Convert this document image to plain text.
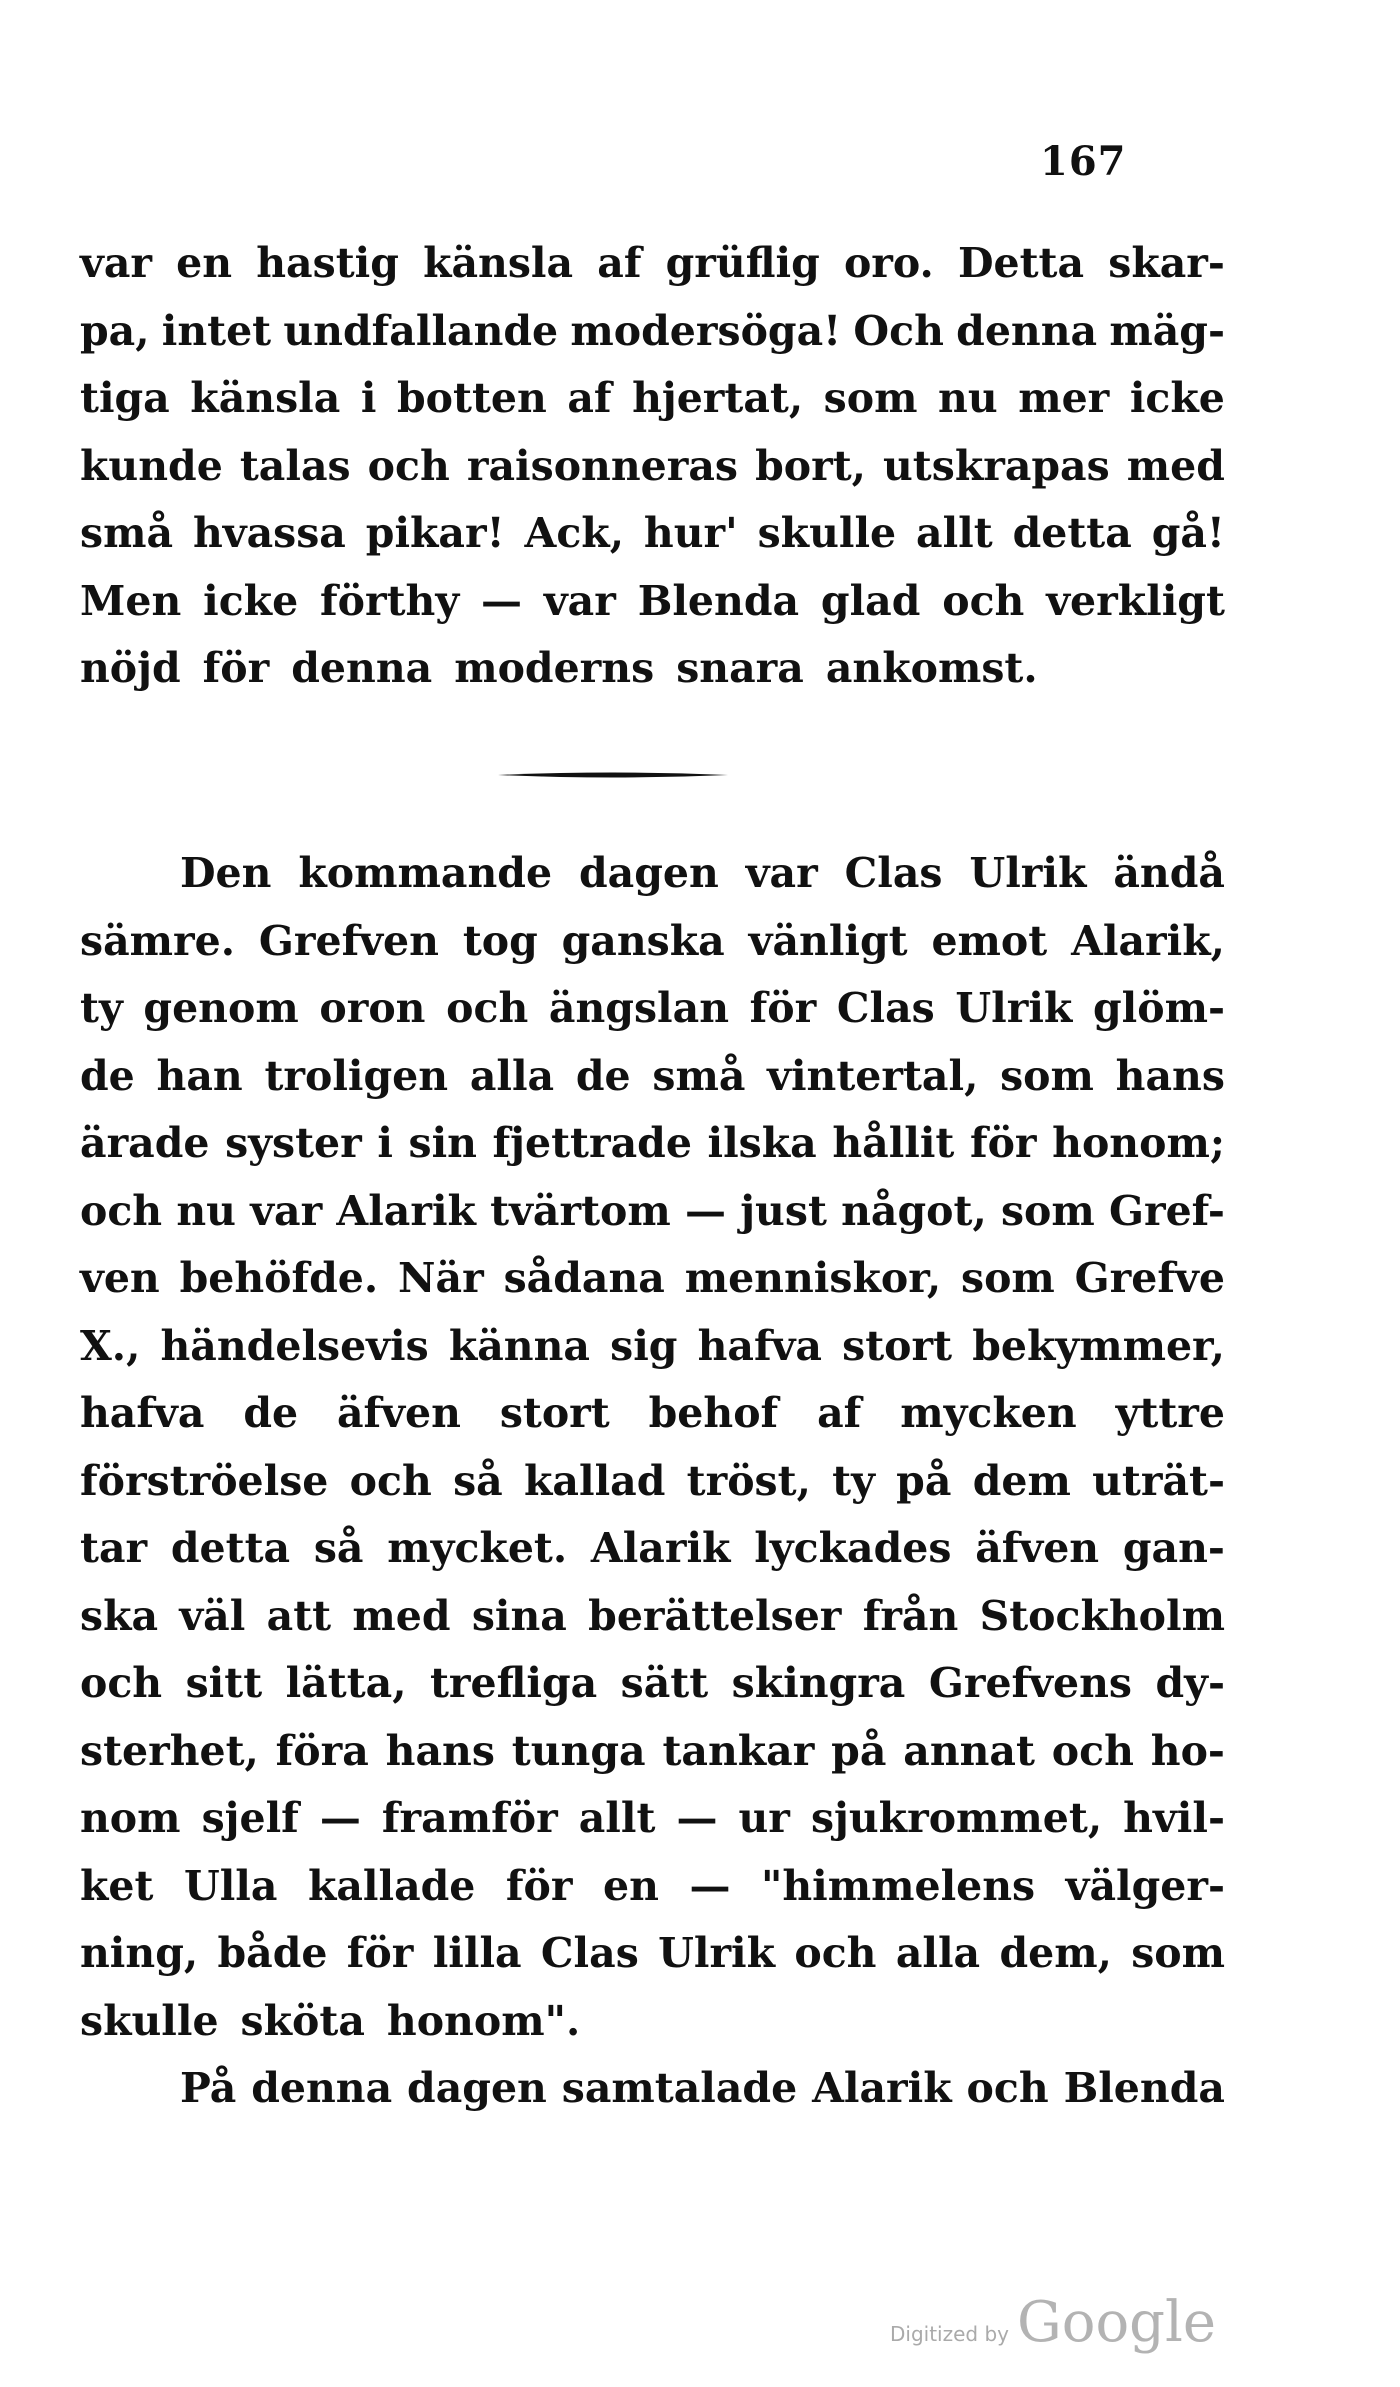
167
var en hastig känsla af grüflig oro. Detta skar-
pa, intet undfallande modersöga! Och denna mäg-
tiga känsla i botten af hjertat, som nu mer icke
kunde talas och raisonneras bort, utskrapas med
små hvassa pikar! Ack, hur' skulle allt detta gå!
Men icke förthy — var Blenda glad och verkligt
nöjd för denna moderns snara ankomst.
Den kommande dagen var Clas Ulrik ändå
sämre. Grefven tog ganska vänligt emot Alarik,
ty genom oron och ängslan för Clas Ulrik glöm-
de han troligen alla de små vintertal, som hans
ärade syster i sin fjettrade ilska hållit för honom;
och nu var Alarik tvärtom — just något, som Gref-
ven behöfde. När sådana menniskor, som Grefve
X., händelsevis känna sig hafva stort bekymmer,
hafva de äfven stort behof af mycken yttre
förströelse och så kallad tröst, ty på dem uträt-
tar detta så mycket. Alarik lyckades äfven gan-
ska väl att med sina berättelser från Stockholm
och sitt lätta, trefliga sätt skingra Grefvens dy-
sterhet, föra hans tunga tankar på annat och ho-
nom sjelf — framför allt — ur sjukrommet, hvil-
ket Ulla kallade för en — "himmelens välger-
ning, både för lilla Clas Ulrik och alla dem, som
skulle sköta honom".
På denna dagen samtalade Alarik och Blenda
Digitized by Google
